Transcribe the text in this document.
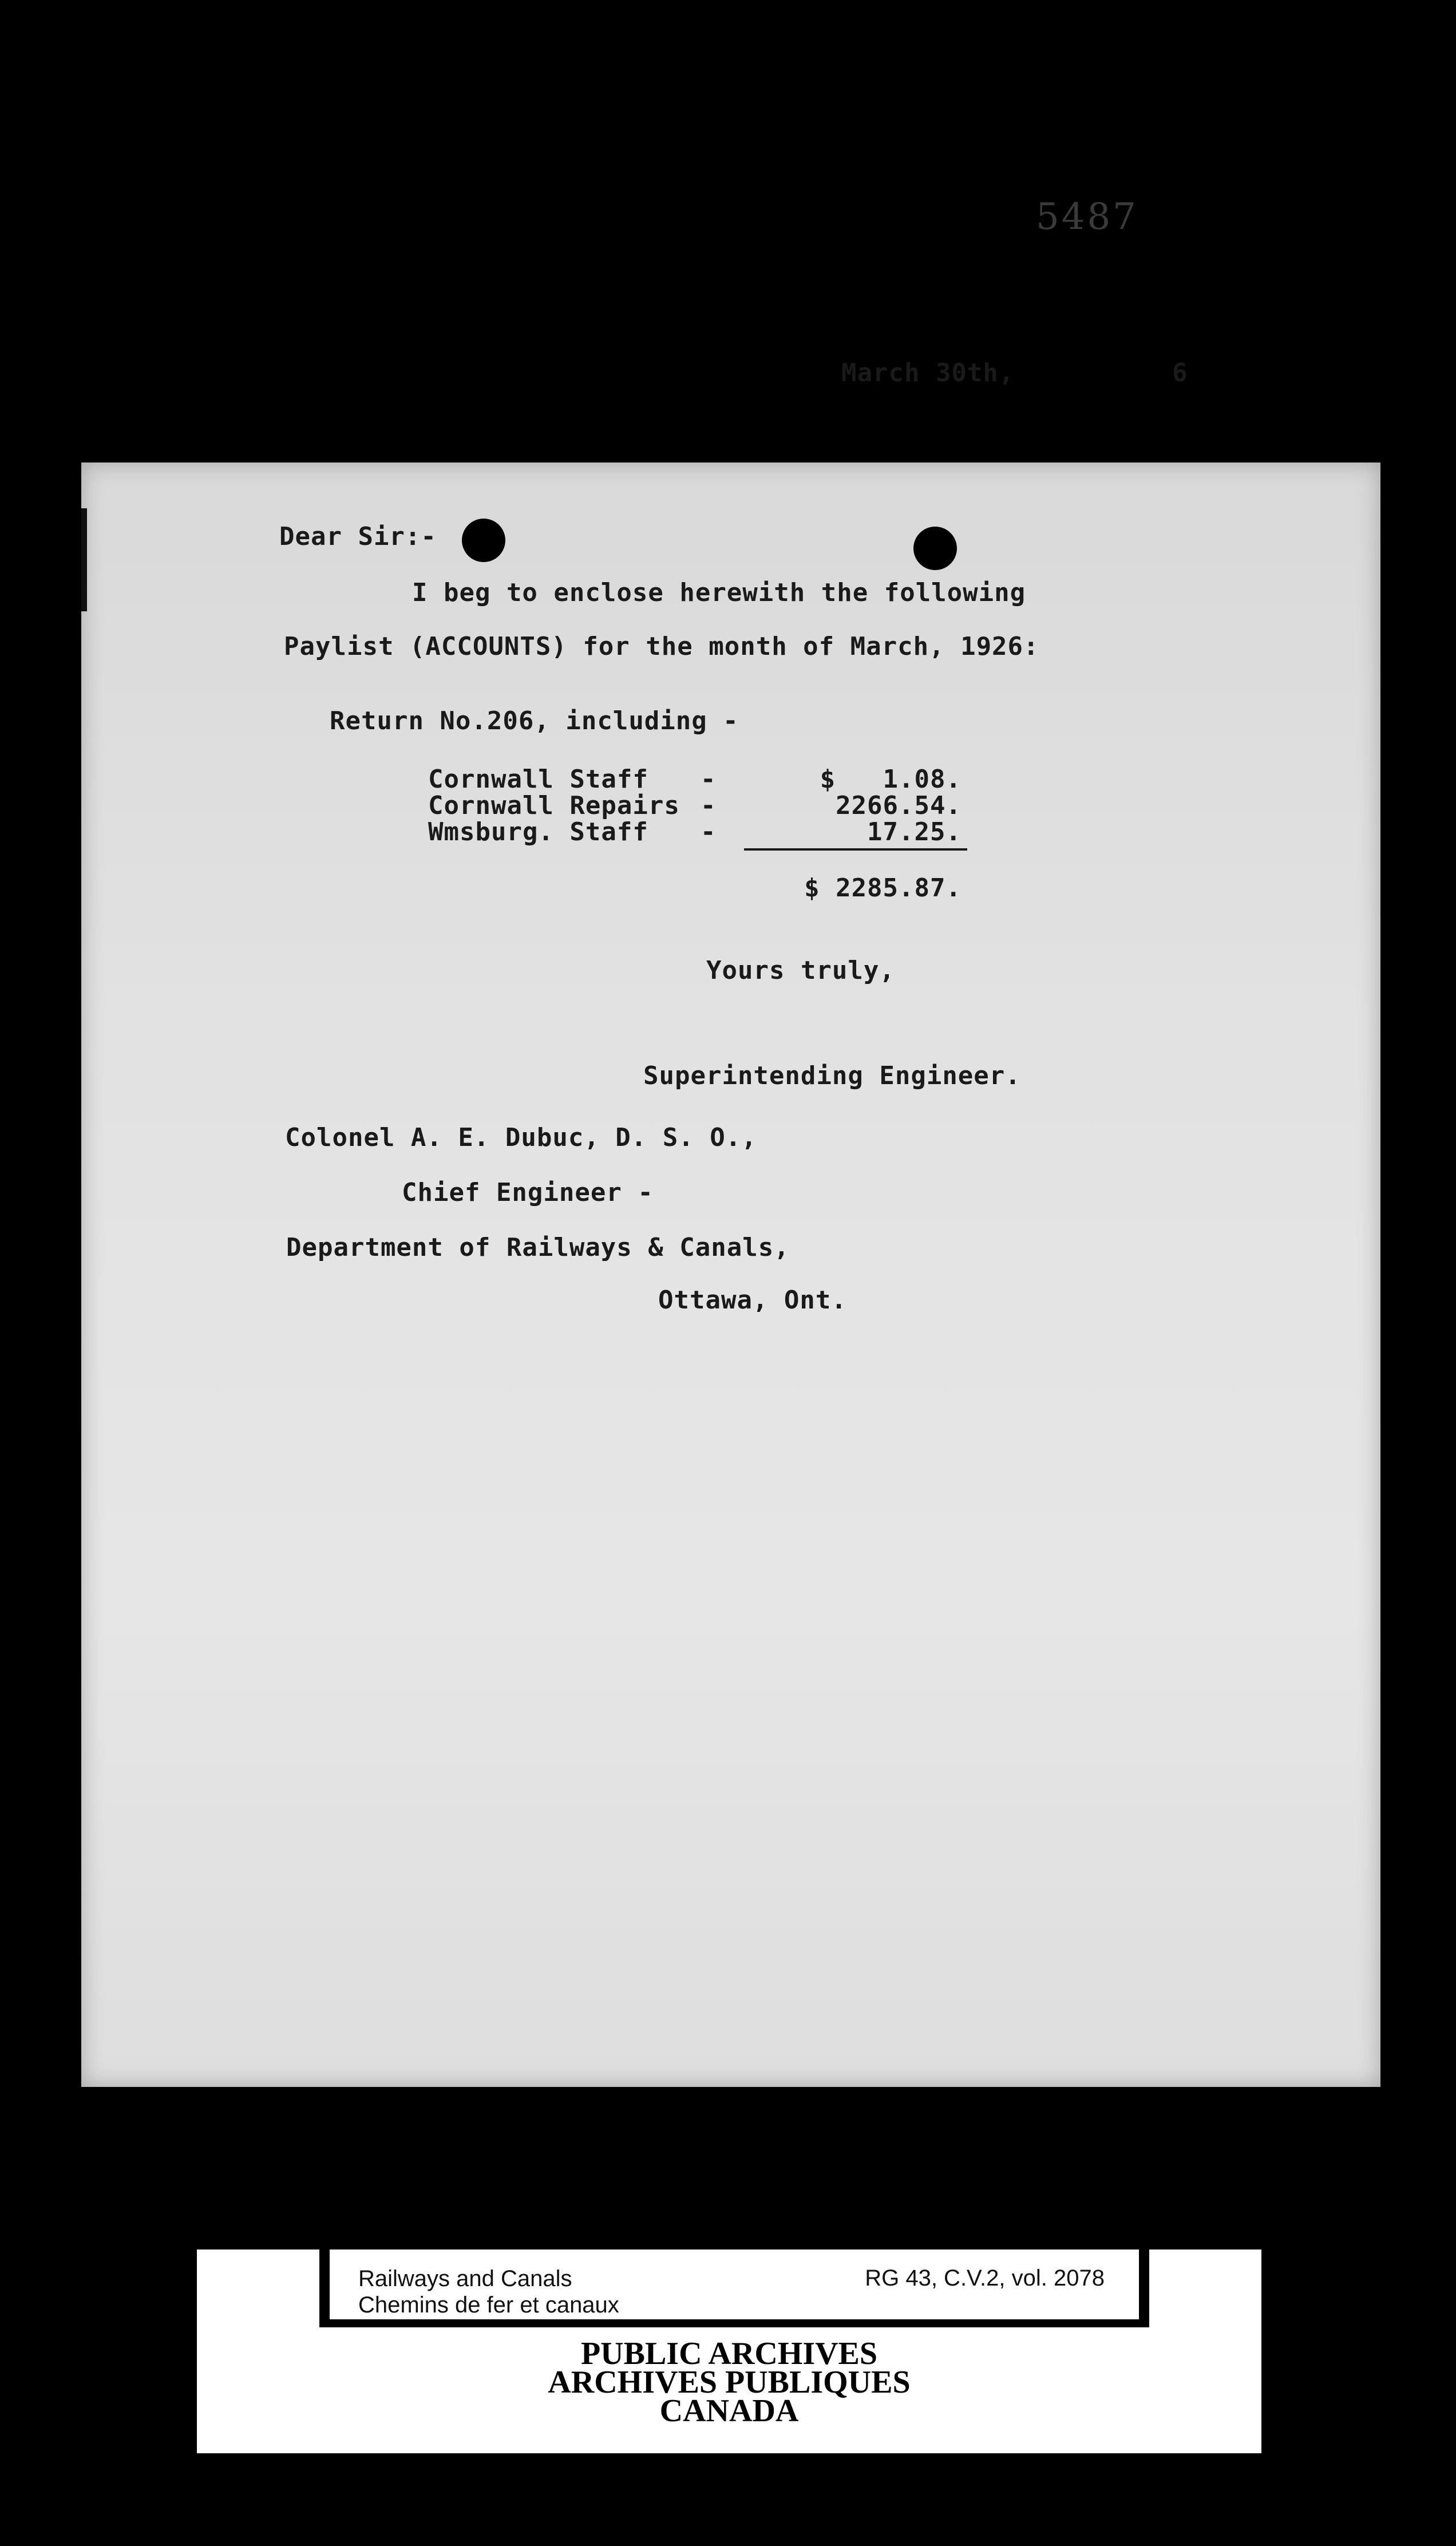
5487
March 30th,	6
Dear Sir:-
I beg to enclose herewith the following
Paylist (ACCOUNTS) for the month of March, 1926:
Return No.206, including -
Cornwall Staff -	$   1.08.
Cornwall Repairs -	2266.54.
Wmsburg. Staff -	17.25.
$ 2285.87.
Yours truly,
Superintending Engineer.
Colonel A. E. Dubuc, D. S. O.,
Chief Engineer -
Department of Railways & Canals,
Ottawa, Ont.
Railways and Canals
Chemins de fer et canaux
RG 43, C.V.2, vol. 2078
PUBLIC ARCHIVES
ARCHIVES PUBLIQUES
CANADA
